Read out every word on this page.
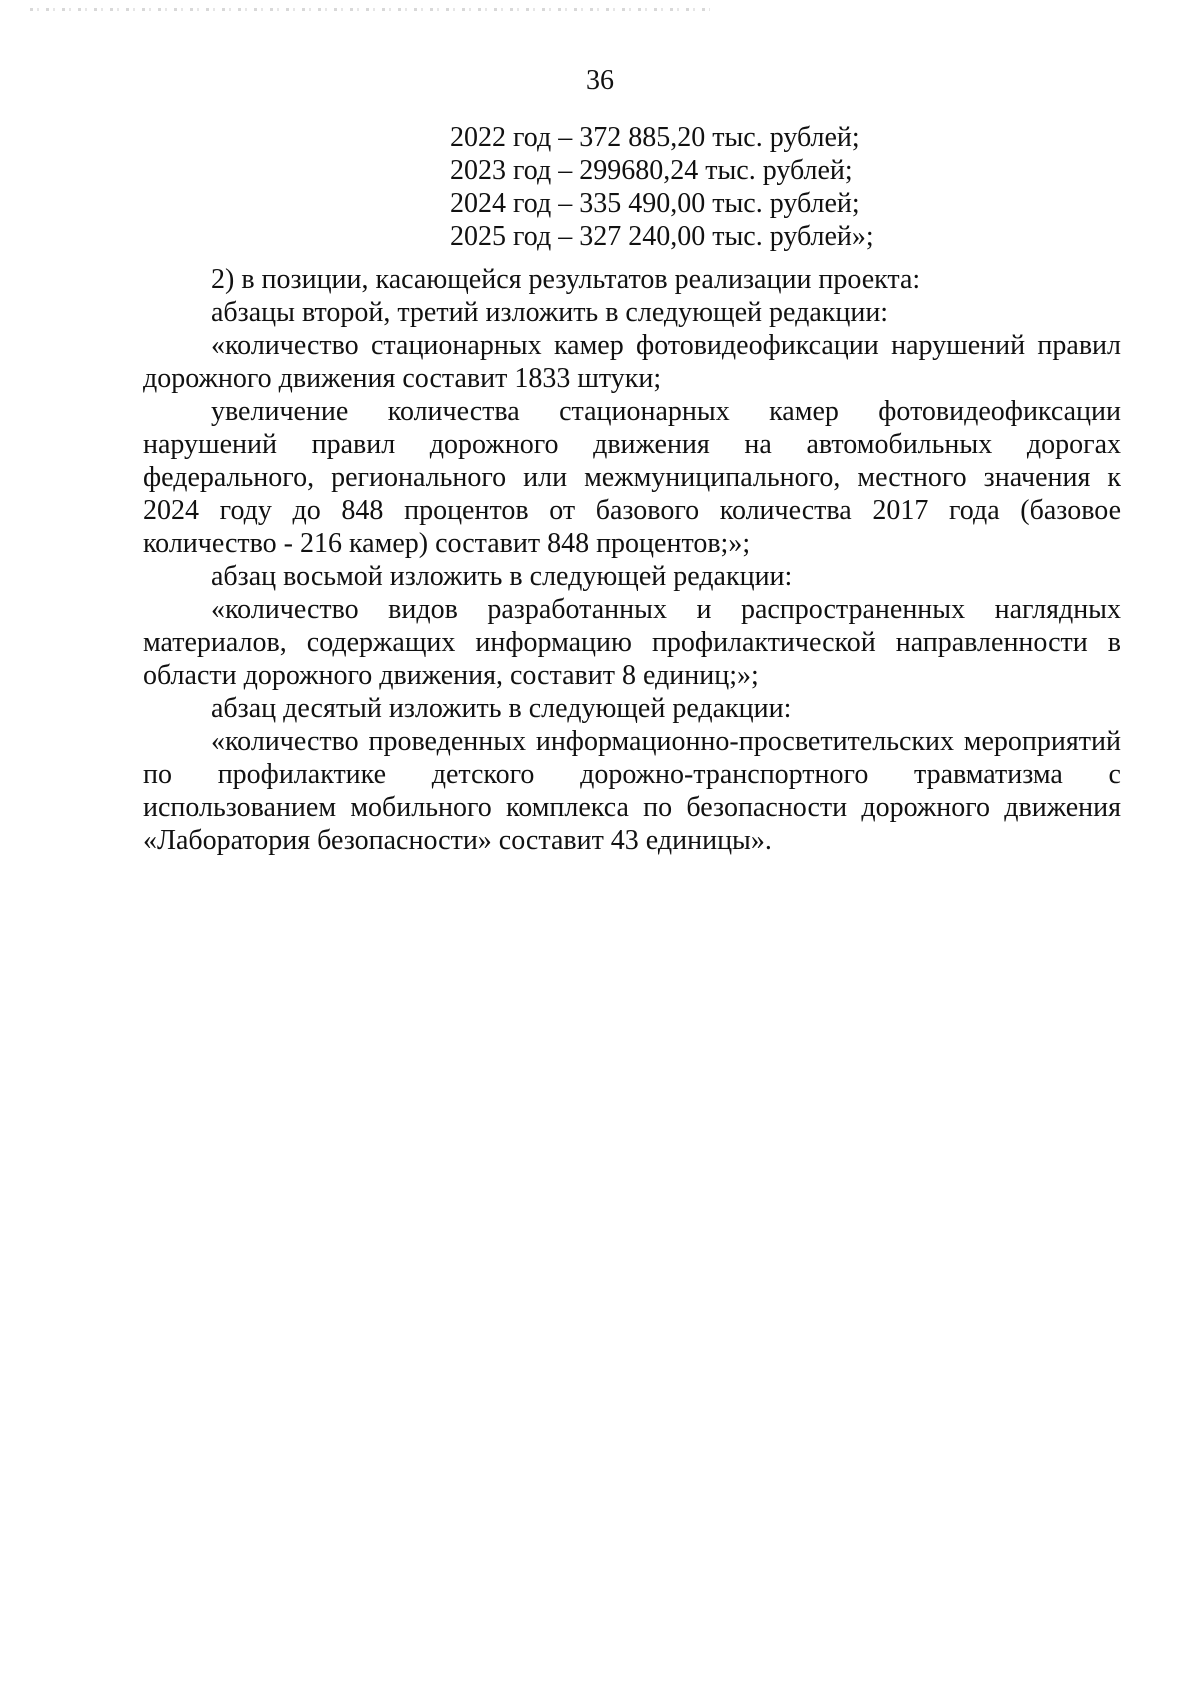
36

2022 год – 372 885,20 тыс. рублей;
2023 год – 299680,24 тыс. рублей;
2024 год – 335 490,00 тыс. рублей;
2025 год – 327 240,00 тыс. рублей»;

2) в позиции, касающейся результатов реализации проекта:

абзацы второй, третий изложить в следующей редакции:

«количество стационарных камер фотовидеофиксации нарушений правил дорожного движения составит 1833 штуки;

увеличение количества стационарных камер фотовидеофиксации нарушений правил дорожного движения на автомобильных дорогах федерального, регионального или межмуниципального, местного значения к 2024 году до 848 процентов от базового количества 2017 года (базовое количество - 216 камер) составит 848 процентов;»;

абзац восьмой изложить в следующей редакции:

«количество видов разработанных и распространенных наглядных материалов, содержащих информацию профилактической направленности в области дорожного движения, составит 8 единиц;»;

абзац десятый изложить в следующей редакции:

«количество проведенных информационно-просветительских мероприятий по профилактике детского дорожно-транспортного травматизма с использованием мобильного комплекса по безопасности дорожного движения «Лаборатория безопасности» составит 43 единицы».
